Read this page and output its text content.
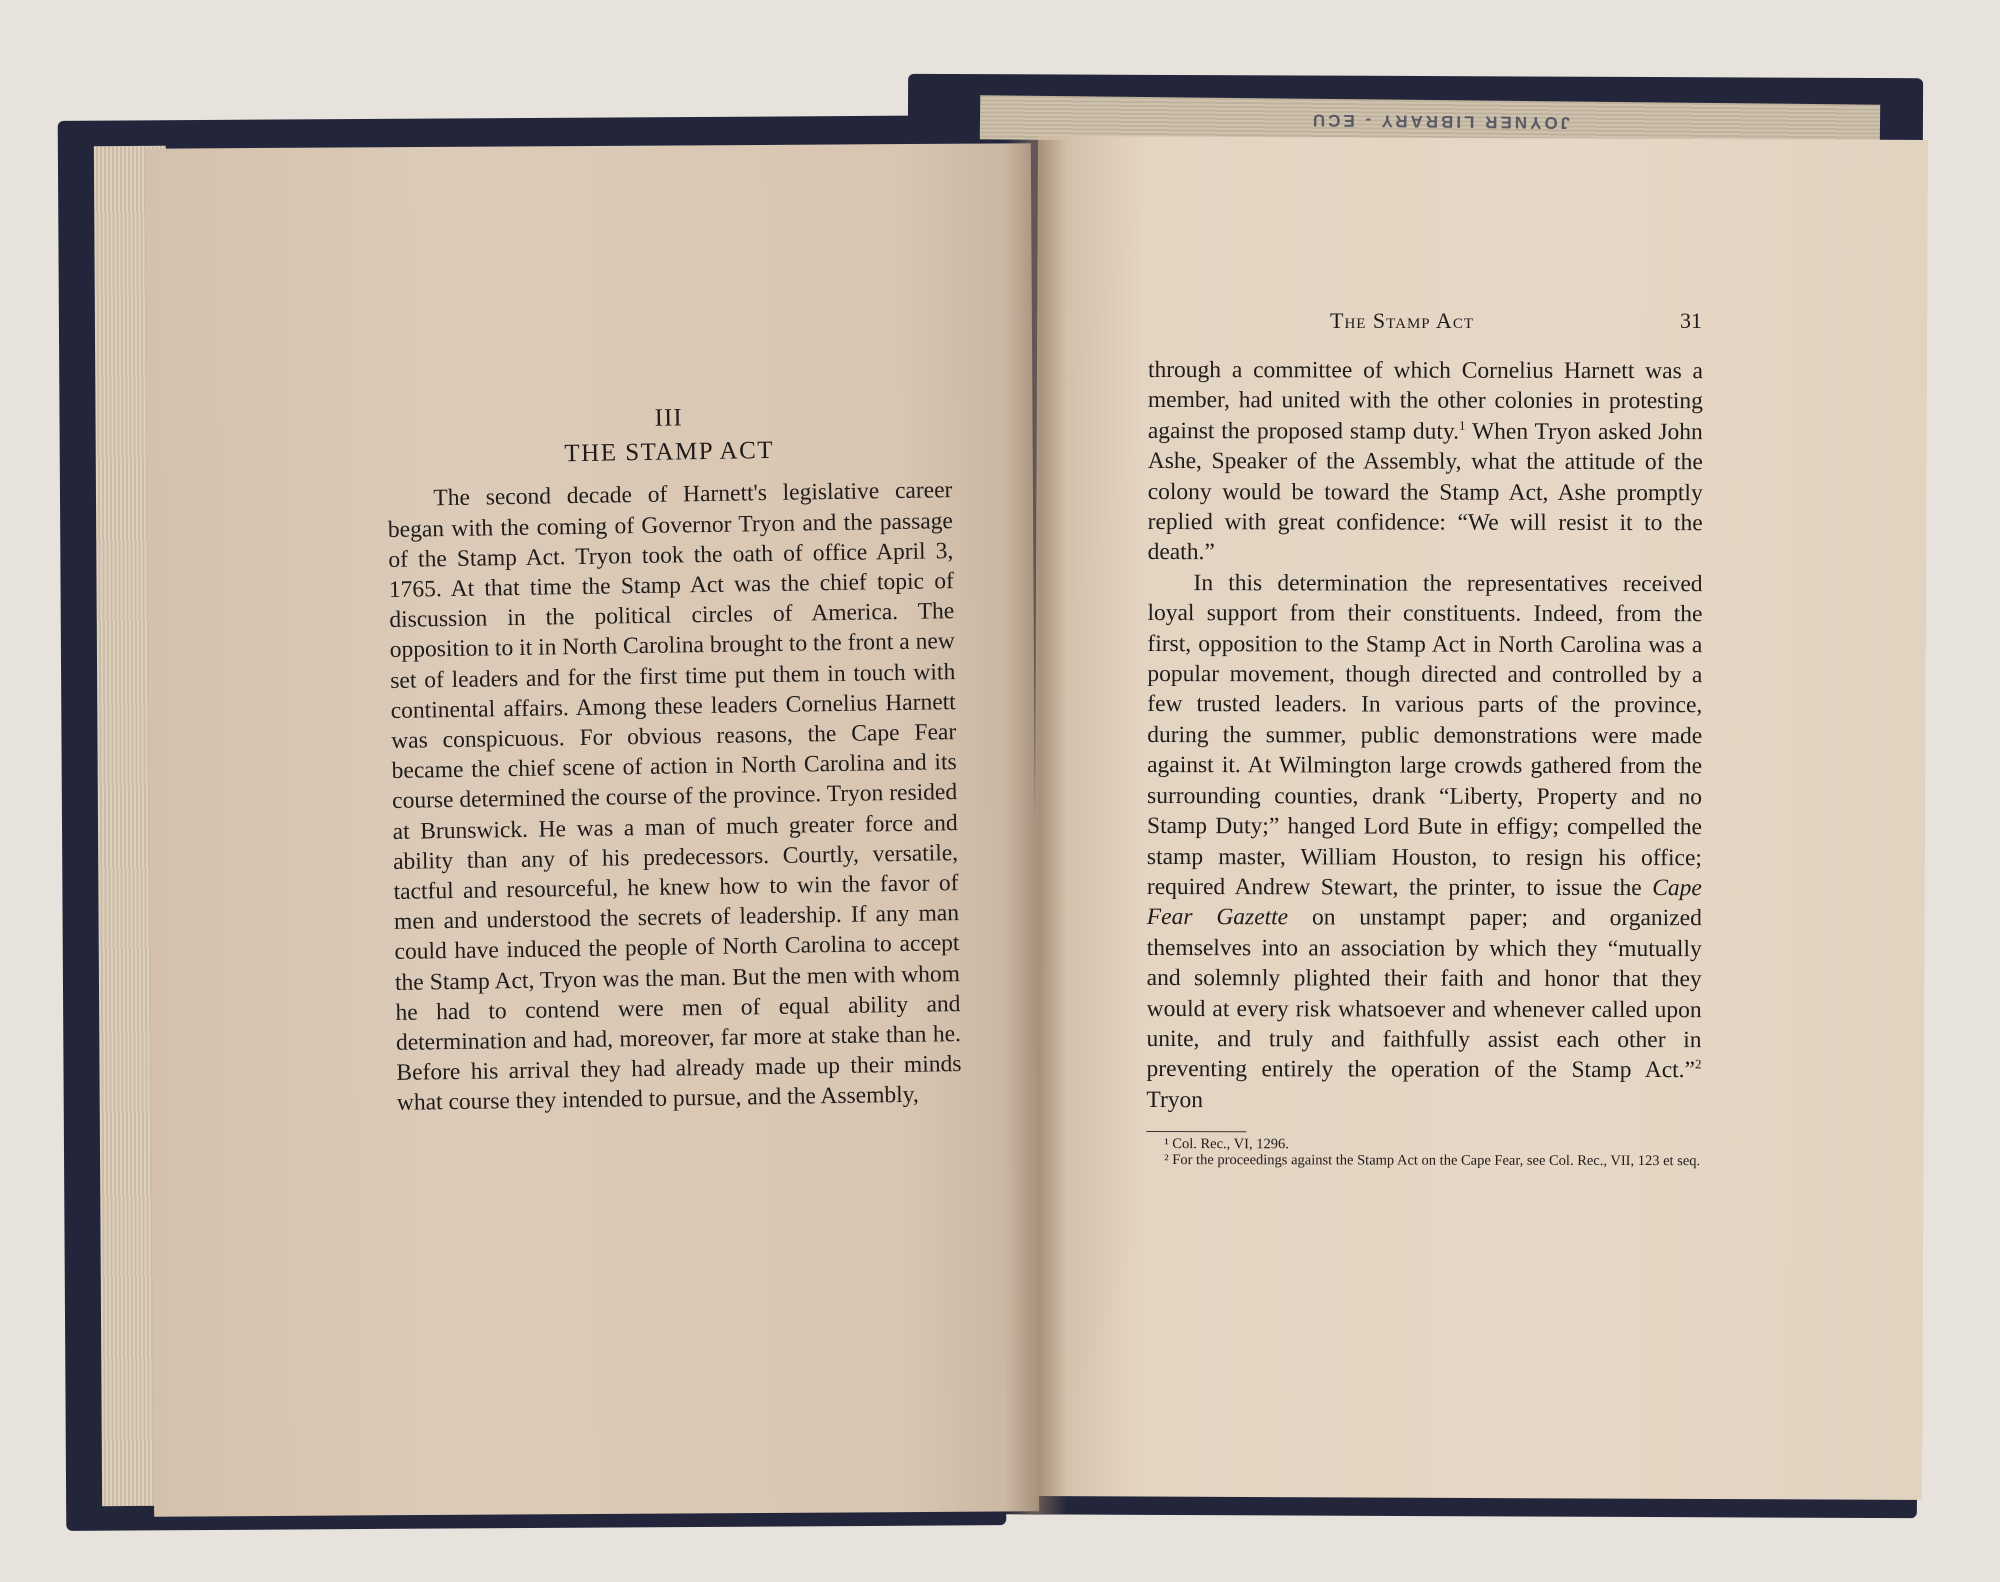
JOYNER LIBRARY - ECU
III
THE STAMP ACT

The second decade of Harnett's legislative career began with the coming of Governor Tryon and the passage of the Stamp Act. Tryon took the oath of office April 3, 1765. At that time the Stamp Act was the chief topic of discussion in the political circles of America. The opposition to it in North Carolina brought to the front a new set of leaders and for the first time put them in touch with continental affairs. Among these leaders Cornelius Harnett was conspicuous. For obvious reasons, the Cape Fear became the chief scene of action in North Carolina and its course determined the course of the province. Tryon resided at Brunswick. He was a man of much greater force and ability than any of his predecessors. Courtly, versatile, tactful and resourceful, he knew how to win the favor of men and understood the secrets of leadership. If any man could have induced the people of North Carolina to accept the Stamp Act, Tryon was the man. But the men with whom he had to contend were men of equal ability and determination and had, moreover, far more at stake than he. Before his arrival they had already made up their minds what course they intended to pursue, and the Assembly,

The Stamp Act	31

through a committee of which Cornelius Harnett was a member, had united with the other colonies in protesting against the proposed stamp duty.$^1$ When Tryon asked John Ashe, Speaker of the Assembly, what the attitude of the colony would be toward the Stamp Act, Ashe promptly replied with great confidence: “We will resist it to the death.”

In this determination the representatives received loyal support from their constituents. Indeed, from the first, opposition to the Stamp Act in North Carolina was a popular movement, though directed and controlled by a few trusted leaders. In various parts of the province, during the summer, public demonstrations were made against it. At Wilmington large crowds gathered from the surrounding counties, drank “Liberty, Property and no Stamp Duty;” hanged Lord Bute in effigy; compelled the stamp master, William Houston, to resign his office; required Andrew Stewart, the printer, to issue the Cape Fear Gazette on unstampt paper; and organized themselves into an association by which they “mutually and solemnly plighted their faith and honor that they would at every risk whatsoever and whenever called upon unite, and truly and faithfully assist each other in preventing entirely the operation of the Stamp Act.”$^2$ Tryon

¹ Col. Rec., VI, 1296.
² For the proceedings against the Stamp Act on the Cape Fear, see Col. Rec., VII, 123 et seq.
